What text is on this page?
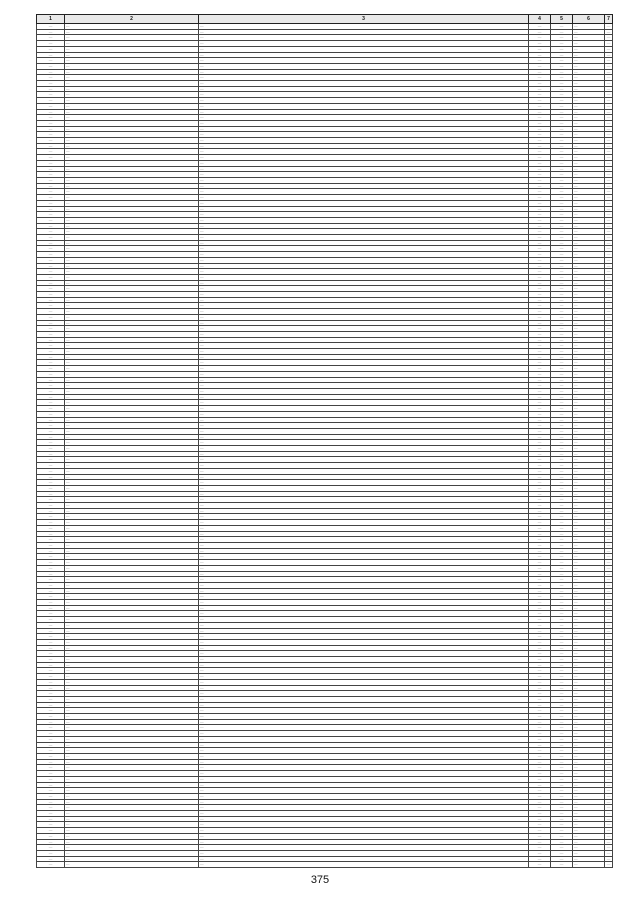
1	2	3	4	5	6	7
—	—	—	—	—	—	—
—	—	—	—	—	—	—
—	—	—	—	—	—	—
—	—	—	—	—	—	—
—	—	—	—	—	—	—
—	—	—	—	—	—	—
—	—	—	—	—	—	—
—	—	—	—	—	—	—
—	—	—	—	—	—	—
—	—	—	—	—	—	—
—	—	—	—	—	—	—
—	—	—	—	—	—	—
—	—	—	—	—	—	—
—	—	—	—	—	—	—
—	—	—	—	—	—	—
—	—	—	—	—	—	—
—	—	—	—	—	—	—
—	—	—	—	—	—	—
—	—	—	—	—	—	—
—	—	—	—	—	—	—
—	—	—	—	—	—	—
—	—	—	—	—	—	—
—	—	—	—	—	—	—
—	—	—	—	—	—	—
—	—	—	—	—	—	—
—	—	—	—	—	—	—
—	—	—	—	—	—	—
—	—	—	—	—	—	—
—	—	—	—	—	—	—
—	—	—	—	—	—	—
—	—	—	—	—	—	—
—	—	—	—	—	—	—
—	—	—	—	—	—	—
—	—	—	—	—	—	—
—	—	—	—	—	—	—
—	—	—	—	—	—	—
—	—	—	—	—	—	—
—	—	—	—	—	—	—
—	—	—	—	—	—	—
—	—	—	—	—	—	—
—	—	—	—	—	—	—
—	—	—	—	—	—	—
—	—	—	—	—	—	—
—	—	—	—	—	—	—
—	—	—	—	—	—	—
—	—	—	—	—	—	—
—	—	—	—	—	—	—
—	—	—	—	—	—	—
—	—	—	—	—	—	—
—	—	—	—	—	—	—
—	—	—	—	—	—	—
—	—	—	—	—	—	—
—	—	—	—	—	—	—
—	—	—	—	—	—	—
—	—	—	—	—	—	—
—	—	—	—	—	—	—
—	—	—	—	—	—	—
—	—	—	—	—	—	—
—	—	—	—	—	—	—
—	—	—	—	—	—	—
—	—	—	—	—	—	—
—	—	—	—	—	—	—
—	—	—	—	—	—	—
—	—	—	—	—	—	—
—	—	—	—	—	—	—
—	—	—	—	—	—	—
—	—	—	—	—	—	—
—	—	—	—	—	—	—
—	—	—	—	—	—	—
—	—	—	—	—	—	—
—	—	—	—	—	—	—
—	—	—	—	—	—	—
—	—	—	—	—	—	—
—	—	—	—	—	—	—
—	—	—	—	—	—	—
—	—	—	—	—	—	—
—	—	—	—	—	—	—
—	—	—	—	—	—	—
—	—	—	—	—	—	—
—	—	—	—	—	—	—
—	—	—	—	—	—	—
—	—	—	—	—	—	—
—	—	—	—	—	—	—
—	—	—	—	—	—	—
—	—	—	—	—	—	—
—	—	—	—	—	—	—
—	—	—	—	—	—	—
—	—	—	—	—	—	—
—	—	—	—	—	—	—
—	—	—	—	—	—	—
—	—	—	—	—	—	—
—	—	—	—	—	—	—
—	—	—	—	—	—	—
—	—	—	—	—	—	—
—	—	—	—	—	—	—
—	—	—	—	—	—	—
—	—	—	—	—	—	—
—	—	—	—	—	—	—
—	—	—	—	—	—	—
—	—	—	—	—	—	—
—	—	—	—	—	—	—
—	—	—	—	—	—	—
—	—	—	—	—	—	—
—	—	—	—	—	—	—
—	—	—	—	—	—	—
—	—	—	—	—	—	—
—	—	—	—	—	—	—
—	—	—	—	—	—	—
—	—	—	—	—	—	—
—	—	—	—	—	—	—
—	—	—	—	—	—	—
—	—	—	—	—	—	—
—	—	—	—	—	—	—
—	—	—	—	—	—	—
—	—	—	—	—	—	—
—	—	—	—	—	—	—
—	—	—	—	—	—	—
—	—	—	—	—	—	—
—	—	—	—	—	—	—
—	—	—	—	—	—	—
—	—	—	—	—	—	—
—	—	—	—	—	—	—
—	—	—	—	—	—	—
—	—	—	—	—	—	—
—	—	—	—	—	—	—
—	—	—	—	—	—	—
—	—	—	—	—	—	—
—	—	—	—	—	—	—
—	—	—	—	—	—	—
—	—	—	—	—	—	—
—	—	—	—	—	—	—
—	—	—	—	—	—	—
—	—	—	—	—	—	—
—	—	—	—	—	—	—
—	—	—	—	—	—	—
—	—	—	—	—	—	—
—	—	—	—	—	—	—
—	—	—	—	—	—	—
—	—	—	—	—	—	—
—	—	—	—	—	—	—
—	—	—	—	—	—	—
—	—	—	—	—	—	—
—	—	—	—	—	—	—
—	—	—	—	—	—	—
—	—	—	—	—	—	—
—	—	—	—	—	—	—
—	—	—	—	—	—	—
—	—	—	—	—	—	—
375
